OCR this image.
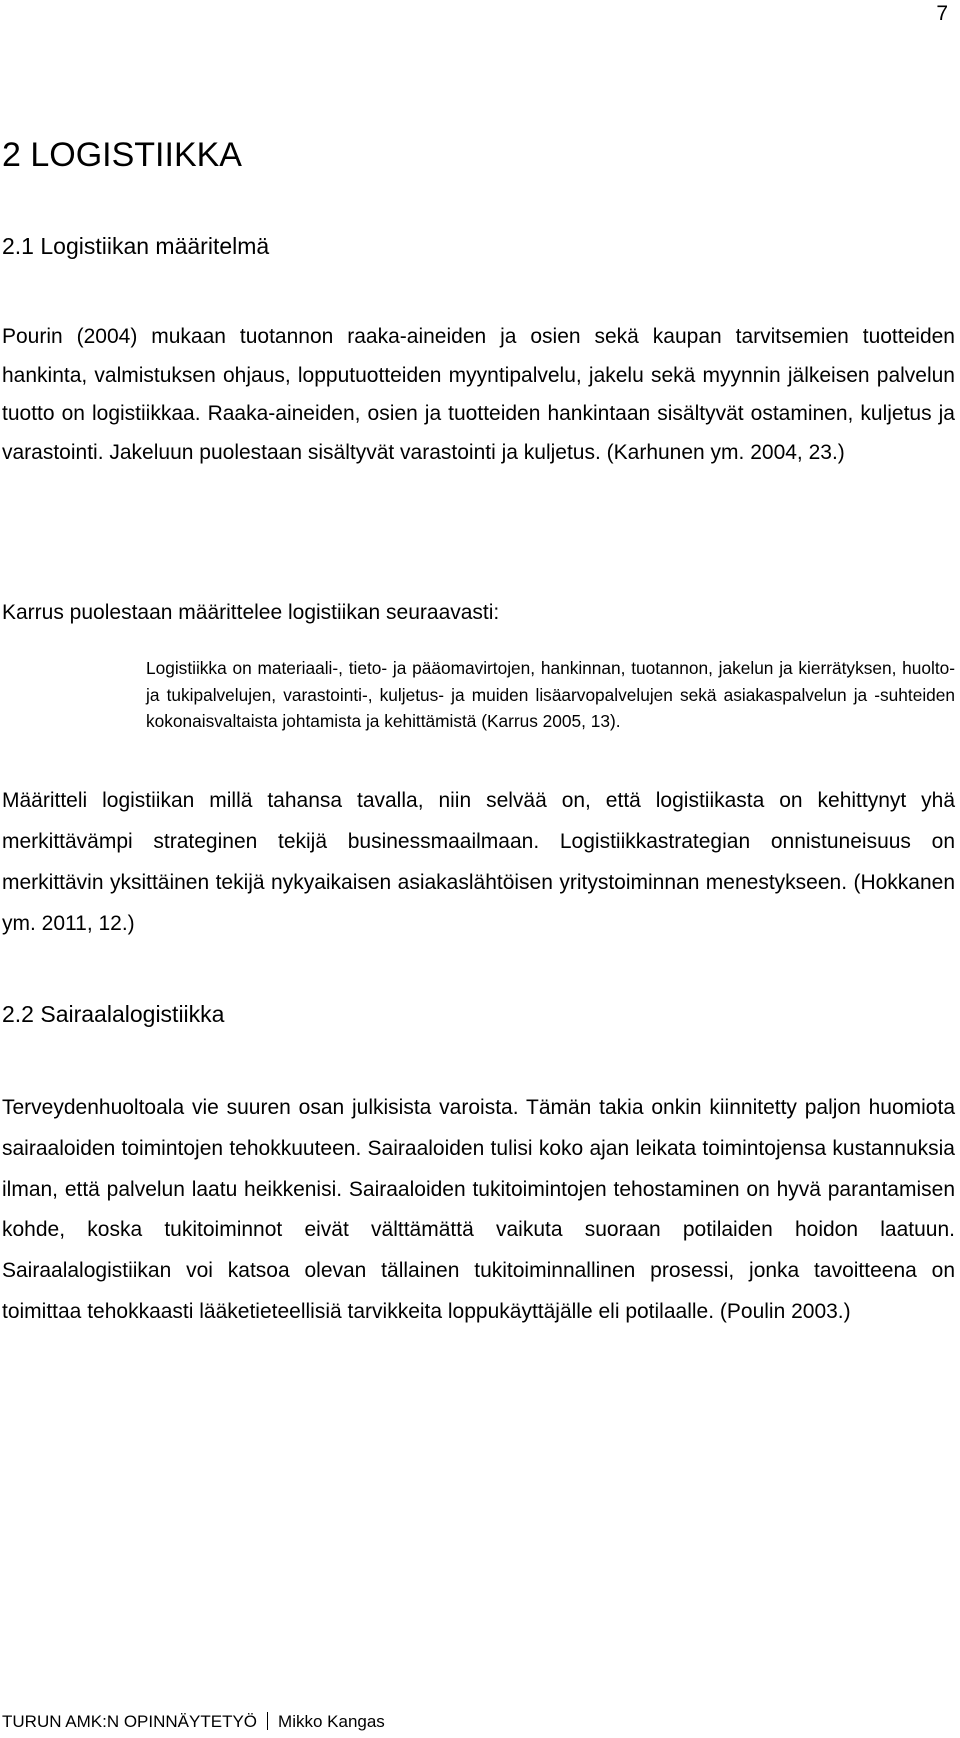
7
2 LOGISTIIKKA
2.1 Logistiikan määritelmä

Pourin (2004) mukaan tuotannon raaka-aineiden ja osien sekä kaupan tarvitsemien tuotteiden hankinta, valmistuksen ohjaus, lopputuotteiden myyntipalvelu, jakelu sekä myynnin jälkeisen palvelun tuotto on logistiikkaa. Raaka-aineiden, osien ja tuotteiden hankintaan sisältyvät ostaminen, kuljetus ja varastointi. Jakeluun puolestaan sisältyvät varastointi ja kuljetus. (Karhunen ym. 2004, 23.)

Karrus puolestaan määrittelee logistiikan seuraavasti:

Logistiikka on materiaali-, tieto- ja pääomavirtojen, hankinnan, tuotannon, jakelun ja kierrätyksen, huolto- ja tukipalvelujen, varastointi-, kuljetus- ja muiden lisäarvopalvelujen sekä asiakaspalvelun ja -suhteiden kokonaisvaltaista johtamista ja kehittämistä (Karrus 2005, 13).

Määritteli logistiikan millä tahansa tavalla, niin selvää on, että logistiikasta on kehittynyt yhä merkittävämpi strateginen tekijä businessmaailmaan. Logistiikkastrategian onnistuneisuus on merkittävin yksittäinen tekijä nykyaikaisen asiakaslähtöisen yritystoiminnan menestykseen. (Hokkanen ym. 2011, 12.)

2.2 Sairaalalogistiikka

Terveydenhuoltoala vie suuren osan julkisista varoista. Tämän takia onkin kiinnitetty paljon huomiota sairaaloiden toimintojen tehokkuuteen. Sairaaloiden tulisi koko ajan leikata toimintojensa kustannuksia ilman, että palvelun laatu heikkenisi. Sairaaloiden tukitoimintojen tehostaminen on hyvä parantamisen kohde, koska tukitoiminnot eivät välttämättä vaikuta suoraan potilaiden hoidon laatuun. Sairaalalogistiikan voi katsoa olevan tällainen tukitoiminnallinen prosessi, jonka tavoitteena on toimittaa tehokkaasti lääketieteellisiä tarvikkeita loppukäyttäjälle eli potilaalle. (Poulin 2003.)

TURUN AMK:N OPINNÄYTETYÖ Mikko Kangas
